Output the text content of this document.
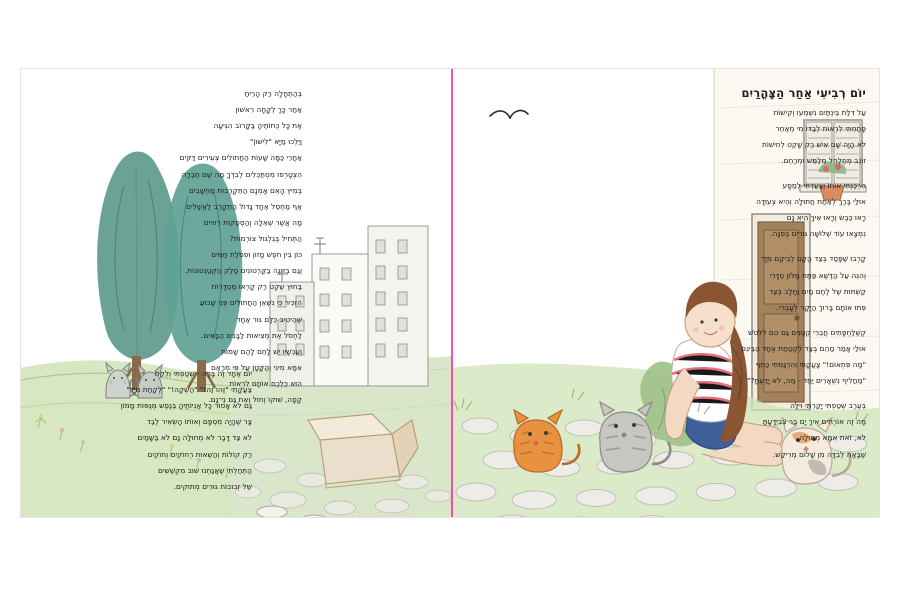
בְּהַתְחָלָה רַק הָרֵיחַ

אַחַר כָּךְ לְקָחָה רִאשׁוֹן

אֶת כָּל כֻּחוֹתֶיהָ בַּקָּרוֹב הִגִּיעָה

וַיֵּלְכוּ מַיָּא "לִישׁוֹן"

אַחֲרֵי כַּמָּה שָׁעוֹת הַחֲתוּלִים צְעִירִים דַּקִּים

הִצְטָרְפוּ מִסְתַּכְּלִים לְבִדְּךָ מַה שֶּׁם חֶבְרָה

בְּמִיץ הָאֵם אָמְנָם הַתְּקָרְבוּת מַחְשָׁבִים

אַף מַחְסֵל אֶחָד גָּדוֹל הַתְקָרֵב לֶאֱשָׁלִים

מָה אֲשֶׁר שְׁאֵלָה וְהַסְּפָקוֹת רְזוּיִים

הַתְּחִיל בְּגִלְגּוּל צוֹרְמוֹת?

כּוֹן בֵּין חֹפֶשׁ מָזוֹן וּפְסֹלֶת חַמִּים

וְגַם בְּזוּגָה בַּקַּרְטוֹנִים סֶלֶק הַקְּטַנְטוֹנוֹת.

בַּחוּץ שֶׁקֶט רַק קָרְאוּ מְסֻדָּרוֹת

הִזְכִּיר כִּי נִשְׁאֵן הַחֲתוּלִים פְּנֵי שָׁבוּעַ

שֶׁהֵיטִיב כֻּלָּם גּוּר אֶחָד

לַחְסֹל אֶת מְצִיאוּת לַבָּנִים הַבָּאִים.

וְעַכְשָׁיו יֵשׁ לָחֵם לָהֶם שָׁמוֹת

אִמָּא מִינִי וְהַקָּטָן עַל פִּי מְרָאָם

הוּא כֻּלְּכֶם אוֹתָם לִרְאוֹת

קָפָה, שׁוּקוֹ וְחוּל וְאֵת גַּם נֵי־נָם.

יוֹם אֶחָד זֶה בָּרָה - שְׁטַפְתִּי וְלֻקַּח

צַעֲקָתִי "זֶהוּ זֶה!" "הַשְׁקָה!" "לְקַחַת מִיָּד"

גַּם לֹא אָסוּר כָּל אֲנִיּוֹתֶיהָ בְּנֶפֶשׁ מְנֻסּוֹת מָמוֹן

צָר שֶׁהָיָה מִסְפָּם וְאוֹתוֹ הָשְׂאִיר לְבַד

לֹא צַד דָּבָר לֹא מְחוּלָה נָם לֹא בַּשָּׁמַיִם

רַק קוֹלוֹת וְהַשְׁאוּת רְחוֹקִים וְחוֹקִים

הַתְּחַלְתִּי שֶׁאֲנַחְנוּ שׁוּב מִקְשְׁשִׁים

שֶׁל זְבוּבוֹת גּוּרִים מְתוּקִים.

יוֹם רְבִיעִי אַחַר הַצָּהֳרַיִם

עַל דִּלַּת בֵּינְתַּיִם נִשְׁמְעוּ וְקִישׁוֹת

פָּתַחְתִּי לִרְאוֹת לְבַדּוֹ מִי מְאַחֵר

לֹא הָיָה שָׁם אִישׁ רַק שָׁקֵט לְחִישׁוֹת

זוֹנֵב מְחַלְחֵל מְלַמֵּשׁ וּמְרַחֵם.

הִרְכַּנְתִּי אוֹתוֹ וְצָעַדְתִּי לְמַסָּע

אוּלַי בֶּרֶךְ לְאַחַת חֲתוּלָה וְהִיא צְעוּדָה

רָאוּ כֶּבֶשׂ וְרָאוּ אֵיךְ הִיא נָם

נִמְצָאוּ עוֹד שְׁלוֹשָׁה גּוּרִים בְּפִנָּה.

קָרְבוּ שֶׁפָּסַד בְּצַד הָקָם לְבִיקַם מִיָּד

וְהִנֵּה עַל הַדֶּשֶׁא פַּתַּח מָלוֹן סְדָּרִי

קַשְׁתּוּת שֶׁל לֶחֶם מַיִם וַחֲלָב בְּצַד

פִּתּוּ אוֹתָם בָּרוּךְ הַיָּקָר לְעָבְרִי.

קְשֶׁלַּחְפָּתִים חֲבֵרִי קְטָנִּים גַּם הֵם לִלְטֹשׁ

אוּלַי אָמַר מַהֵם בְּצַד לִקְטַחַת אֶחָד הַבֵּינֵם

"מָה פִּתְאוֹם!" צָעֲקָתִי וְהִרְגַּמְתִּי כַּתֵּף

"מַחֲלִיף נִשְׁאָרִים יַחַד - מַה, לֹא יָדַעְתָּ?"

בְּעֶרֶב שְׁטַפְתִּי יָקַרְתִּי וִילָּה

מָה זֶה אוֹרְחִים אִיךְ יָם בַּר צְבִיְּדָעָתָּ

לֹא, זֹאת אִמָּא מְחוּלָה

שֶׁבָּאָה לְבִדָּה מִן שָׁלוֹם מְרִיקַשׁ.
